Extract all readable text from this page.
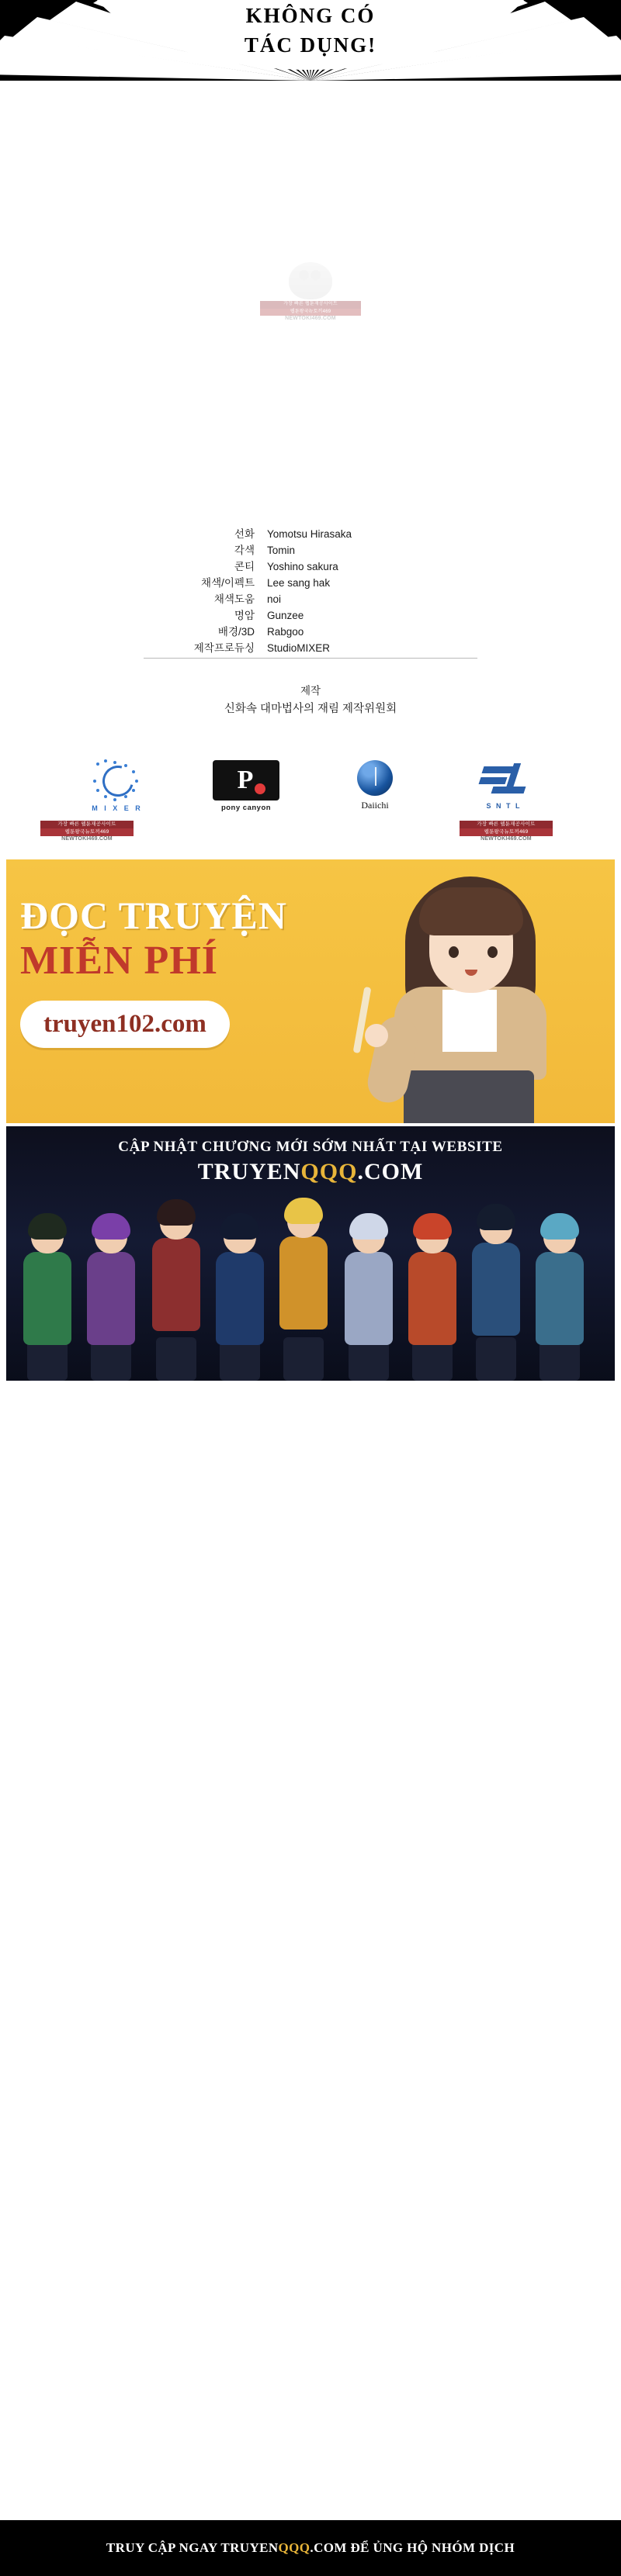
KHÔNG CÓ
TÁC DỤNG!
가장 빠른 웹툰재공사이트
웹툰왕국뉴토끼469
NEWTOKI469.COM
선화	Yomotsu Hirasaka
각색	Tomin
콘티	Yoshino sakura
채색/이펙트	Lee sang hak
채색도움	noi
명암	Gunzee
배경/3D	Rabgoo
제작프로듀싱	StudioMIXER
제작
신화속 대마법사의 재림 제작위원회
M I X E R
P
pony canyon	Daiichi	S N T L
가장 빠른 웹툰재공사이트
웹툰왕국뉴토끼469
NEWTOKI469.COM
가장 빠른 웹툰재공사이트
웹툰왕국뉴토끼469
NEWTOKI469.COM
ĐỌC TRUYỆN
MIỄN PHÍ
truyen102.com
CẬP NHẬT CHƯƠNG MỚI SỚM NHẤT TẠI WEBSITE
TRUYENQQQ.COM
TRUY CẬP NGAY TRUYENQQQ.COM ĐỂ ỦNG HỘ NHÓM DỊCH
